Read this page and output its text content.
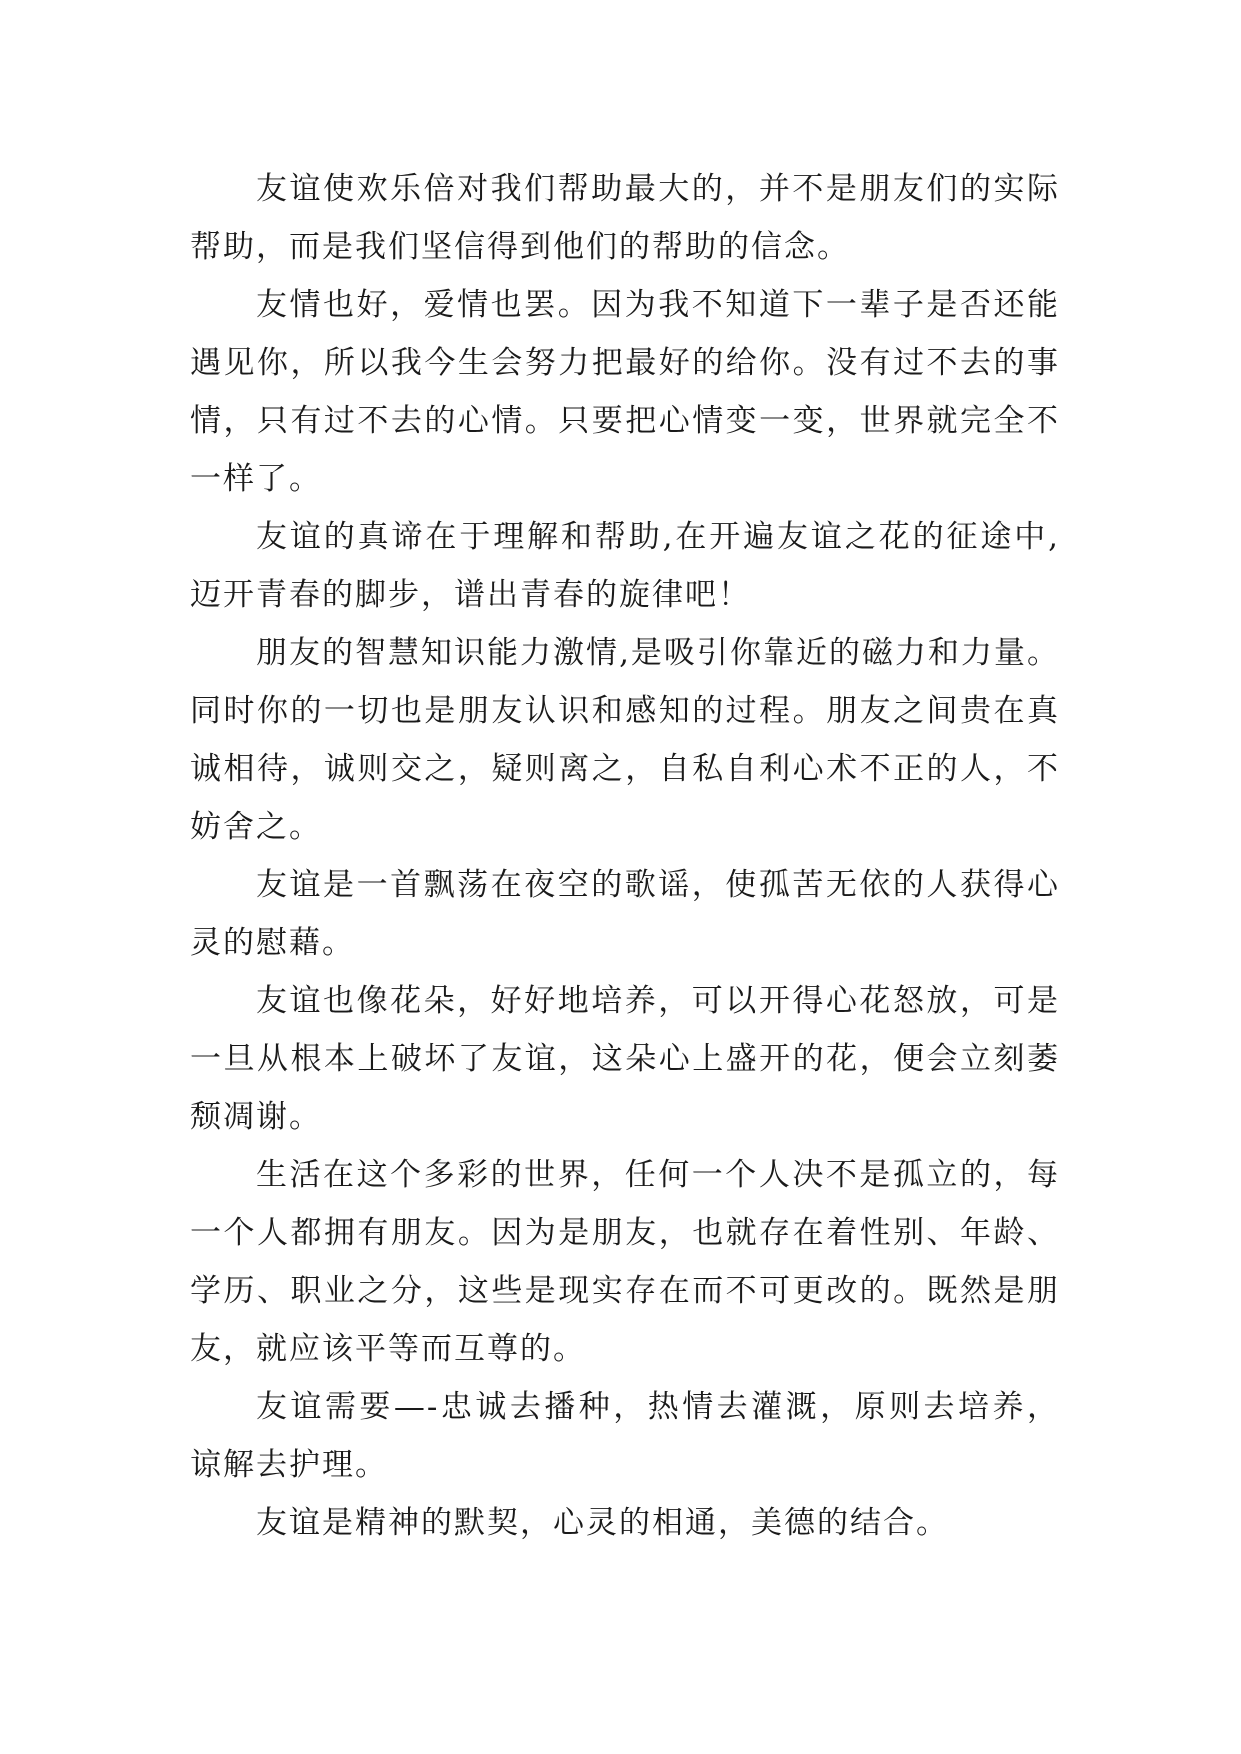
友谊使欢乐倍对我们帮助最大的，并不是朋友们的实际帮助，而是我们坚信得到他们的帮助的信念。

友情也好，爱情也罢。因为我不知道下一辈子是否还能遇见你，所以我今生会努力把最好的给你。没有过不去的事情，只有过不去的心情。只要把心情变一变，世界就完全不一样了。

友谊的真谛在于理解和帮助,在开遍友谊之花的征途中,迈开青春的脚步，谱出青春的旋律吧！

朋友的智慧知识能力激情,是吸引你靠近的磁力和力量。同时你的一切也是朋友认识和感知的过程。朋友之间贵在真诚相待，诚则交之，疑则离之，自私自利心术不正的人，不妨舍之。

友谊是一首飘荡在夜空的歌谣，使孤苦无依的人获得心灵的慰藉。

友谊也像花朵，好好地培养，可以开得心花怒放，可是一旦从根本上破坏了友谊，这朵心上盛开的花，便会立刻萎颓凋谢。

生活在这个多彩的世界，任何一个人决不是孤立的，每一个人都拥有朋友。因为是朋友，也就存在着性别、年龄、学历、职业之分，这些是现实存在而不可更改的。既然是朋友，就应该平等而互尊的。

友谊需要—-忠诚去播种，热情去灌溉，原则去培养，谅解去护理。

友谊是精神的默契，心灵的相通，美德的结合。
